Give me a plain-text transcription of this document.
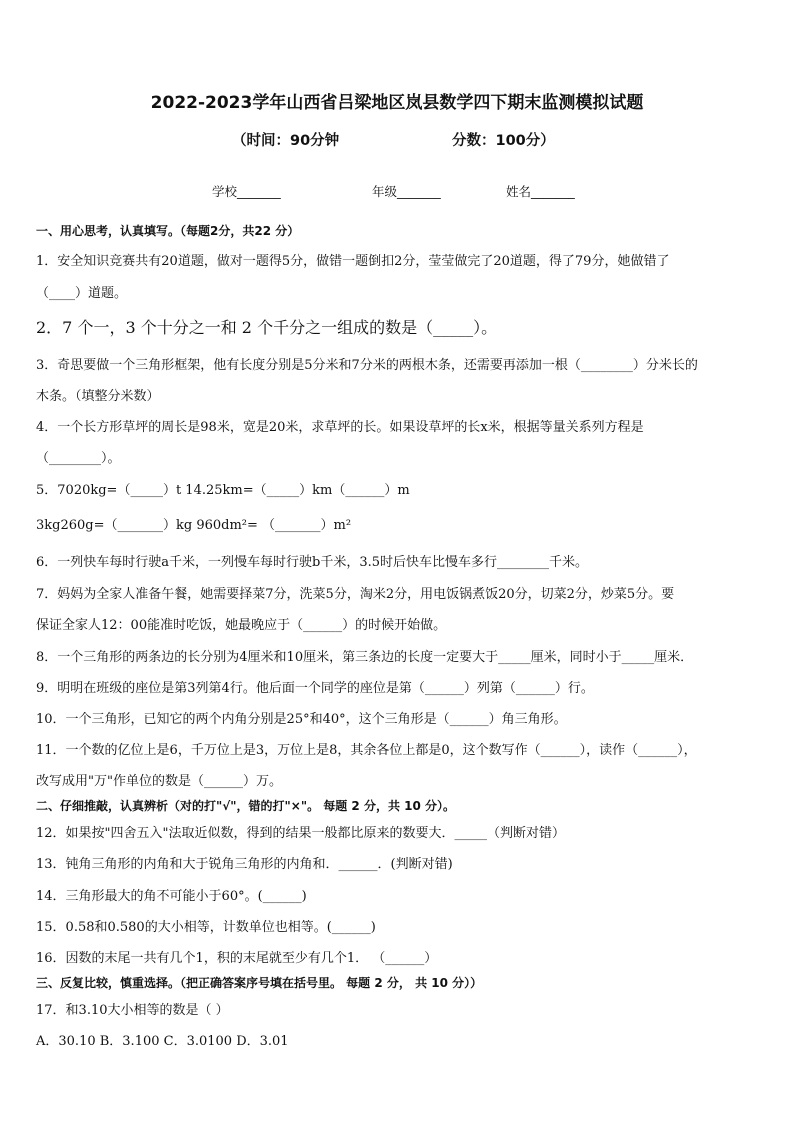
2022-2023学年山西省吕梁地区岚县数学四下期末监测模拟试题
（时间：90分钟	分数：100分）
学校_______	年级_______	姓名_______
一、用心思考，认真填写。（每题2分，共22 分）
1．安全知识竞赛共有20道题，做对一题得5分，做错一题倒扣2分，莹莹做完了20道题，得了79分，她做错了
（____）道题。
2．7 个一，3 个十分之一和 2 个千分之一组成的数是（_____）。
3．奇思要做一个三角形框架，他有长度分别是5分米和7分米的两根木条，还需要再添加一根（________）分米长的
木条。（填整分米数）
4．一个长方形草坪的周长是98米，宽是20米，求草坪的长。如果设草坪的长x米，根据等量关系列方程是
（________）。
5．7020kg=（_____）t 14.25km=（_____）km（______）m
3kg260g=（_______）kg 960dm²= （_______）m²
6．一列快车每时行驶a千米，一列慢车每时行驶b千米，3.5时后快车比慢车多行________千米。
7．妈妈为全家人准备午餐，她需要择菜7分，洗菜5分，淘米2分，用电饭锅煮饭20分，切菜2分，炒菜5分。要
保证全家人12：00能准时吃饭，她最晚应于（______）的时候开始做。
8．一个三角形的两条边的长分别为4厘米和10厘米，第三条边的长度一定要大于_____厘米，同时小于_____厘米．
9．明明在班级的座位是第3列第4行。他后面一个同学的座位是第（______）列第（______）行。
10．一个三角形，已知它的两个内角分别是25°和40°，这个三角形是（______）角三角形。
11．一个数的亿位上是6，千万位上是3，万位上是8，其余各位上都是0，这个数写作（______），读作（______），
改写成用"万"作单位的数是（______）万。
二、仔细推敲，认真辨析（对的打"√"，错的打"×"。 每题 2 分，共 10 分）。
12．如果按"四舍五入"法取近似数，得到的结果一般都比原来的数要大．_____（判断对错）
13．钝角三角形的内角和大于锐角三角形的内角和．______．(判断对错)
14．三角形最大的角不可能小于60°。(______)
15．0.58和0.580的大小相等，计数单位也相等。(______)
16．因数的末尾一共有几个1，积的末尾就至少有几个1． （______）
三、反复比较，慎重选择。（把正确答案序号填在括号里。 每题 2 分， 共 10 分））
17．和3.10大小相等的数是（ ）
A．30.10 B．3.100 C．3.0100 D．3.01
